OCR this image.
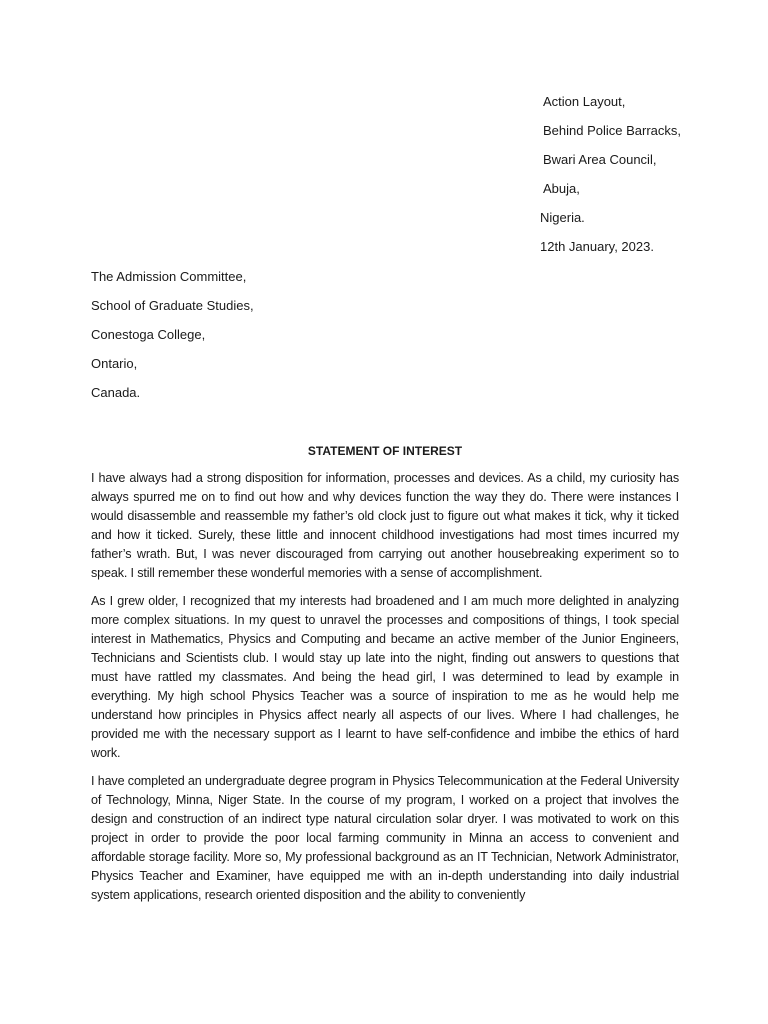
Action Layout,
Behind Police Barracks,
Bwari Area Council,
Abuja,
Nigeria.
12th January, 2023.
The Admission Committee,
School of Graduate Studies,
Conestoga College,
Ontario,
Canada.
STATEMENT OF INTEREST

I have always had a strong disposition for information, processes and devices. As a child, my curiosity has always spurred me on to find out how and why devices function the way they do. There were instances I would disassemble and reassemble my father’s old clock just to figure out what makes it tick, why it ticked and how it ticked. Surely, these little and innocent childhood investigations had most times incurred my father’s wrath. But, I was never discouraged from carrying out another housebreaking experiment so to speak. I still remember these wonderful memories with a sense of accomplishment.

As I grew older, I recognized that my interests had broadened and I am much more delighted in analyzing more complex situations. In my quest to unravel the processes and compositions of things, I took special interest in Mathematics, Physics and Computing and became an active member of the Junior Engineers, Technicians and Scientists club. I would stay up late into the night, finding out answers to questions that must have rattled my classmates. And being the head girl, I was determined to lead by example in everything. My high school Physics Teacher was a source of inspiration to me as he would help me understand how principles in Physics affect nearly all aspects of our lives. Where I had challenges, he provided me with the necessary support as I learnt to have self-confidence and imbibe the ethics of hard work.

I have completed an undergraduate degree program in Physics Telecommunication at the Federal University of Technology, Minna, Niger State. In the course of my program, I worked on a project that involves the design and construction of an indirect type natural circulation solar dryer. I was motivated to work on this project in order to provide the poor local farming community in Minna an access to convenient and affordable storage facility. More so, My professional background as an IT Technician, Network Administrator, Physics Teacher and Examiner, have equipped me with an in-depth understanding into daily industrial system applications, research oriented disposition and the ability to conveniently
